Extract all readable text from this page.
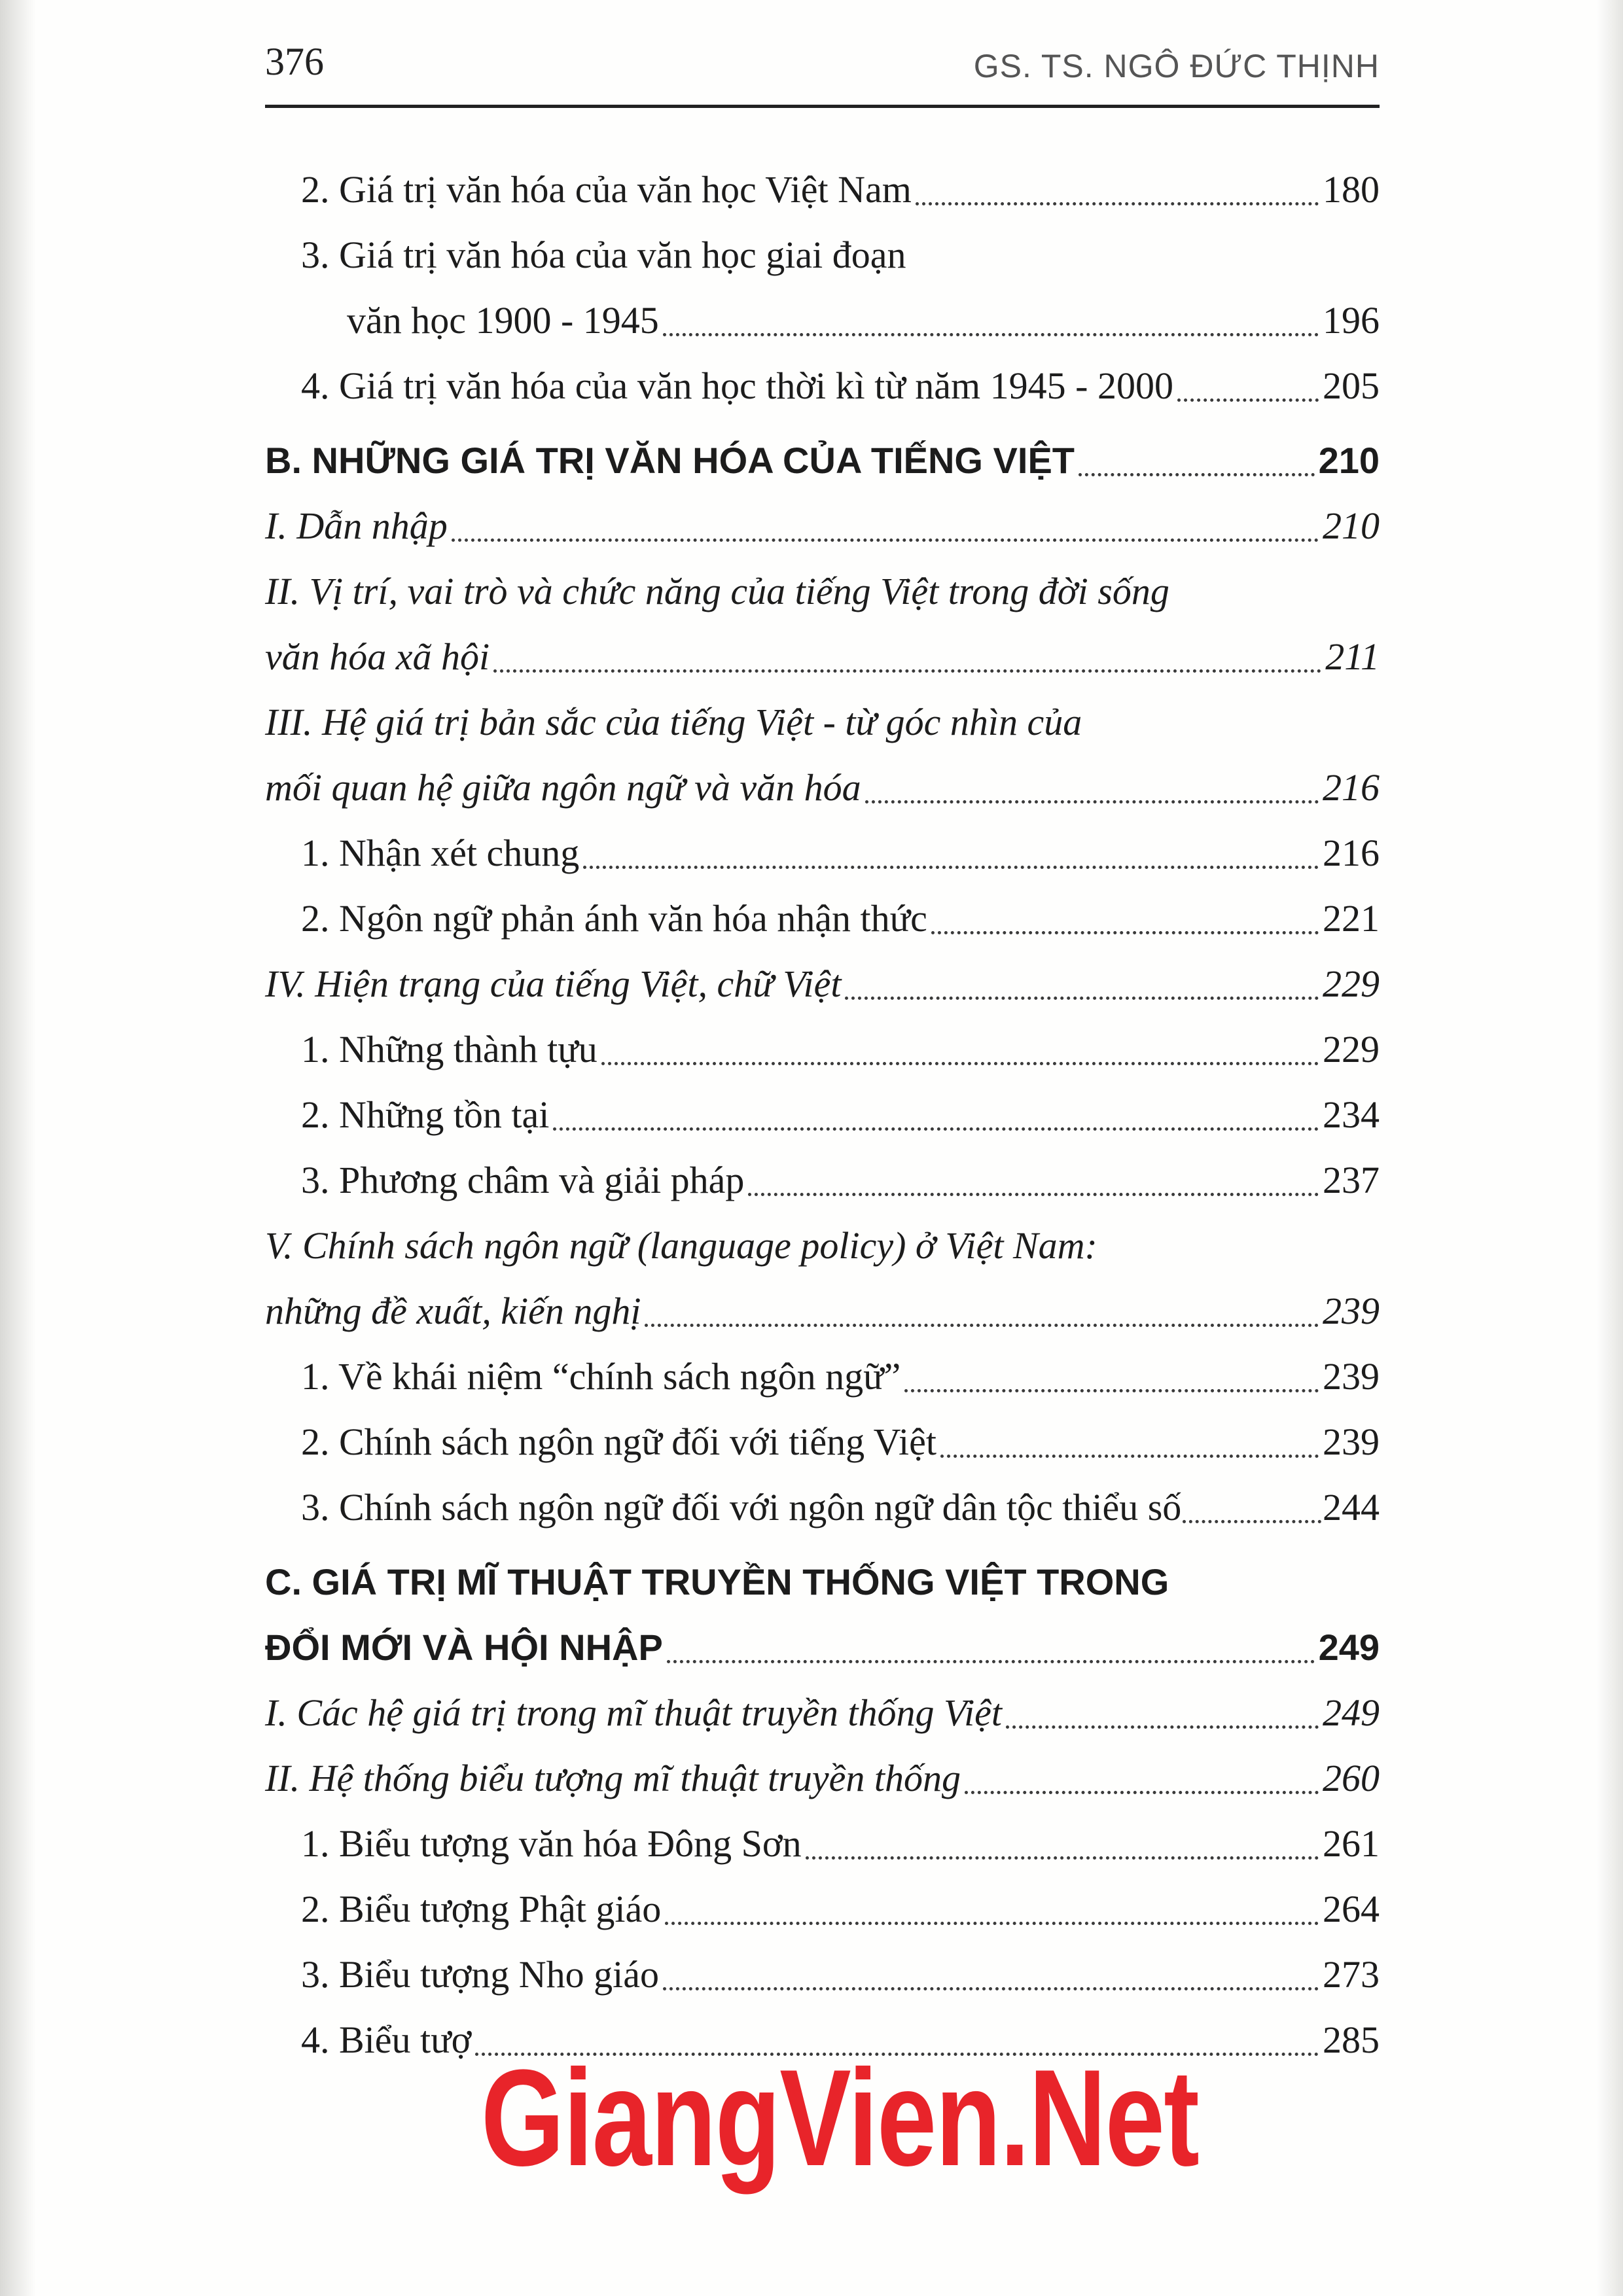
376	GS. TS. NGÔ ĐỨC THỊNH
2. Giá trị văn hóa của văn học Việt Nam	180
3. Giá trị văn hóa của văn học giai đoạn
văn học 1900 - 1945	196
4. Giá trị văn hóa của văn học thời kì từ năm 1945 - 2000	205
B. NHỮNG GIÁ TRỊ VĂN HÓA CỦA TIẾNG VIỆT	210
I. Dẫn nhập	210
II. Vị trí, vai trò và chức năng của tiếng Việt trong đời sống
văn hóa xã hội	211
III. Hệ giá trị bản sắc của tiếng Việt - từ góc nhìn của
mối quan hệ giữa ngôn ngữ và văn hóa	216
1. Nhận xét chung	216
2. Ngôn ngữ phản ánh văn hóa nhận thức	221
IV. Hiện trạng của tiếng Việt, chữ Việt	229
1. Những thành tựu	229
2. Những tồn tại	234
3. Phương châm và giải pháp	237
V. Chính sách ngôn ngữ (language policy) ở Việt Nam:
những đề xuất, kiến nghị	239
1. Về khái niệm “chính sách ngôn ngữ”	239
2. Chính sách ngôn ngữ đối với tiếng Việt	239
3. Chính sách ngôn ngữ đối với ngôn ngữ dân tộc thiểu số	244
C. GIÁ TRỊ MĨ THUẬT TRUYỀN THỐNG VIỆT TRONG
ĐỔI MỚI VÀ HỘI NHẬP	249
I. Các hệ giá trị trong mĩ thuật truyền thống Việt	249
II. Hệ thống biểu tượng mĩ thuật truyền thống	260
1. Biểu tượng văn hóa Đông Sơn	261
2. Biểu tượng Phật giáo	264
3. Biểu tượng Nho giáo	273
4. Biểu tượ	285
GiangVien.Net
